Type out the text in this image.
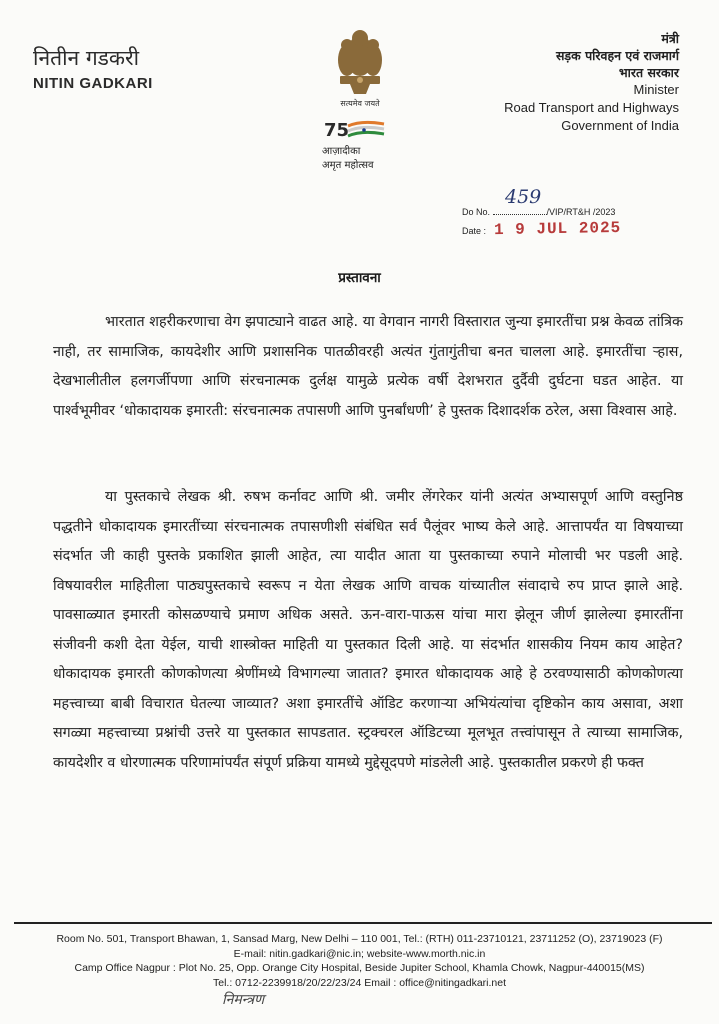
नितीन गडकरी
NITIN GADKARI
सत्यमेव जयते
75
आज़ादीका
अमृत महोत्सव
मंत्री
सड़क परिवहन एवं राजमार्ग
भारत सरकार
Minister
Road Transport and Highways
Government of India
459
Do No.	/VIP/RT&H /2023
Date : 1 9 JUL 2025
प्रस्तावना
भारतात शहरीकरणाचा वेग झपाट्याने वाढत आहे. या वेगवान नागरी विस्तारात जुन्या इमारतींचा प्रश्न केवळ तांत्रिक नाही, तर सामाजिक, कायदेशीर आणि प्रशासनिक पातळीवरही अत्यंत गुंतागुंतीचा बनत चालला आहे. इमारतींचा ऱ्हास, देखभालीतील हलगर्जीपणा आणि संरचनात्मक दुर्लक्ष यामुळे प्रत्येक वर्षी देशभरात दुर्दैवी दुर्घटना घडत आहेत. या पार्श्वभूमीवर ‘धोकादायक इमारती: संरचनात्मक तपासणी आणि पुनर्बांधणी’ हे पुस्तक दिशादर्शक ठरेल, असा विश्वास आहे.
या पुस्तकाचे लेखक श्री. रुषभ कर्नावट आणि श्री. जमीर लेंगरेकर यांनी अत्यंत अभ्यासपूर्ण आणि वस्तुनिष्ठ पद्धतीने धोकादायक इमारतींच्या संरचनात्मक तपासणीशी संबंधित सर्व पैलूंवर भाष्य केले आहे. आत्तापर्यंत या विषयाच्या संदर्भात जी काही पुस्तके प्रकाशित झाली आहेत, त्या यादीत आता या पुस्तकाच्या रुपाने मोलाची भर पडली आहे. विषयावरील माहितीला पाठ्यपुस्तकाचे स्वरूप न येता लेखक आणि वाचक यांच्यातील संवादाचे रुप प्राप्त झाले आहे. पावसाळ्यात इमारती कोसळण्याचे प्रमाण अधिक असते. ऊन-वारा-पाऊस यांचा मारा झेलून जीर्ण झालेल्या इमारतींना संजीवनी कशी देता येईल, याची शास्त्रोक्त माहिती या पुस्तकात दिली आहे. या संदर्भात शासकीय नियम काय आहेत? धोकादायक इमारती कोणकोणत्या श्रेणींमध्ये विभागल्या जातात? इमारत धोकादायक आहे हे ठरवण्यासाठी कोणकोणत्या महत्त्वाच्या बाबी विचारात घेतल्या जाव्यात? अशा इमारतींचे ऑडिट करणाऱ्या अभियंत्यांचा दृष्टिकोन काय असावा, अशा सगळ्या महत्त्वाच्या प्रश्नांची उत्तरे या पुस्तकात सापडतात. स्ट्रक्चरल ऑडिटच्या मूलभूत तत्त्वांपासून ते त्याच्या सामाजिक, कायदेशीर व धोरणात्मक परिणामांपर्यंत संपूर्ण प्रक्रिया यामध्ये मुद्देसूदपणे मांडलेली आहे. पुस्तकातील प्रकरणे ही फक्त
Room No. 501, Transport Bhawan, 1, Sansad Marg, New Delhi – 110 001, Tel.: (RTH) 011-23710121, 23711252 (O), 23719023 (F)
E-mail: nitin.gadkari@nic.in; website-www.morth.nic.in
Camp Office Nagpur : Plot No. 25, Opp. Orange City Hospital, Beside Jupiter School, Khamla Chowk, Nagpur-440015(MS)
Tel.: 0712-2239918/20/22/23/24 Email : office@nitingadkari.net
निमन्त्रण
